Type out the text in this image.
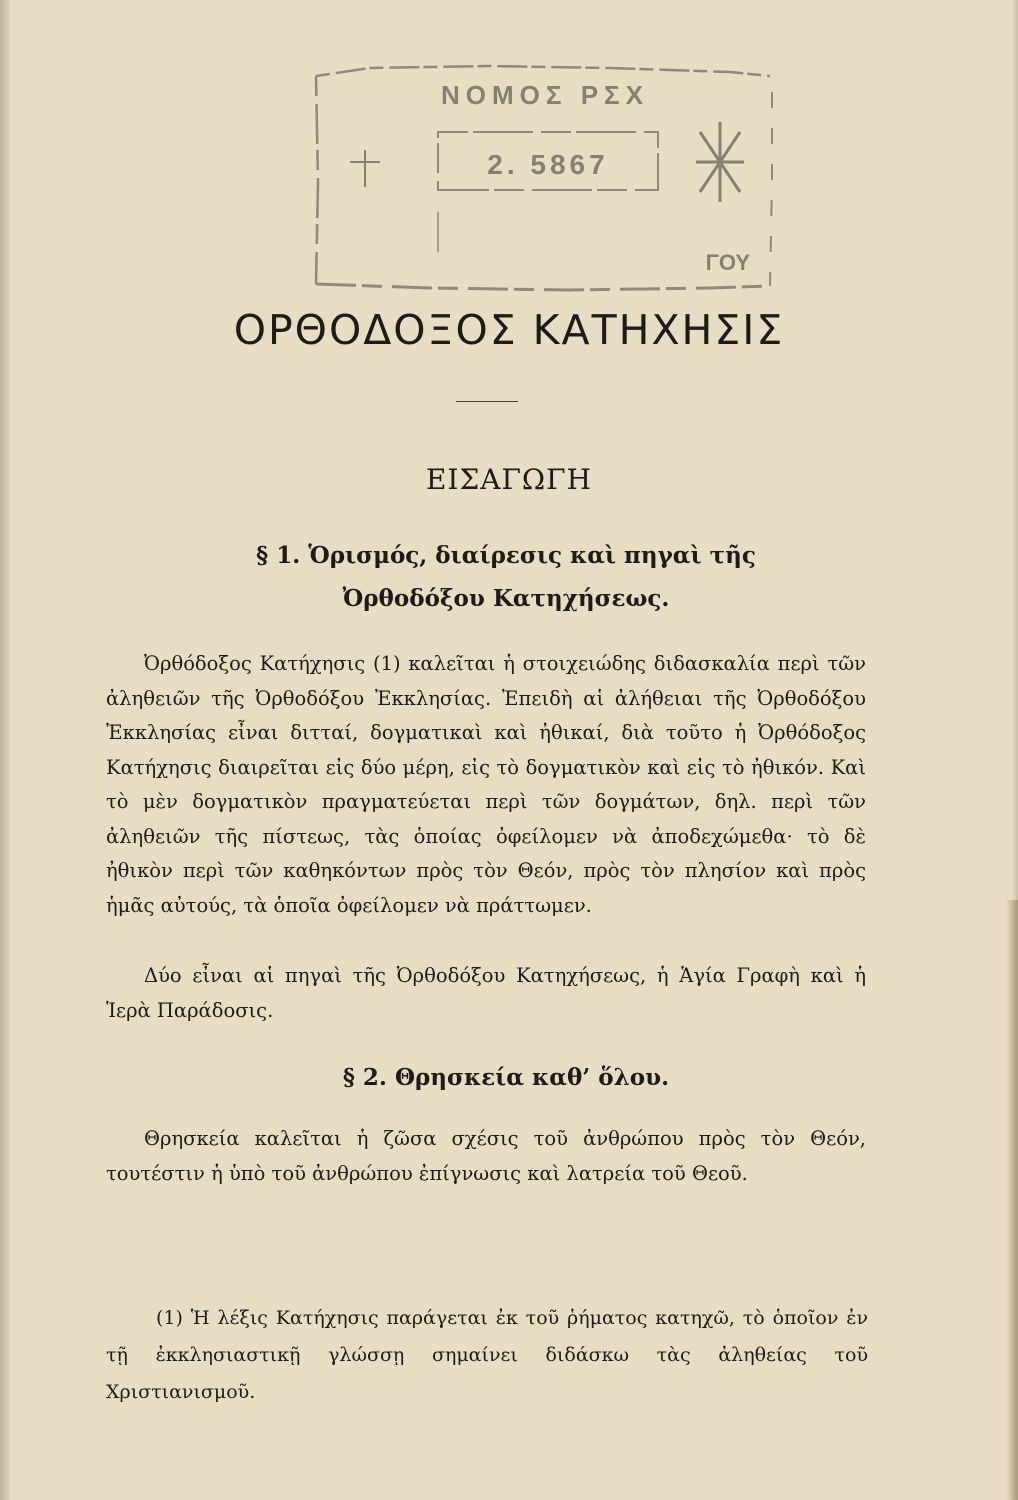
ΝΟΜΟΣ ΡΣΧ
2. 5867
ΓΟΥ
ΟΡΘΟΔΟΞΟΣ ΚΑΤΗΧΗΣΙΣ
ΕΙΣΑΓΩΓΗ
§ 1. Ὁρισμός, διαίρεσις καὶ πηγαὶ τῆς
Ὀρθοδόξου Κατηχήσεως.

Ὀρθόδοξος Κατήχησις (1) καλεῖται ἡ στοιχειώδης διδασκαλία περὶ τῶν ἀληθειῶν τῆς Ὀρθοδόξου Ἐκκλησίας. Ἐπειδὴ αἱ ἀλήθειαι τῆς Ὀρθοδόξου Ἐκκλησίας εἶναι διτταί, δογματικαὶ καὶ ἠθικαί, διὰ τοῦτο ἡ Ὀρθόδοξος Κατήχησις διαιρεῖται εἰς δύο μέρη, εἰς τὸ δογματικὸν καὶ εἰς τὸ ἠθικόν. Καὶ τὸ μὲν δογματικὸν πραγματεύεται περὶ τῶν δογμάτων, δηλ. περὶ τῶν ἀληθειῶν τῆς πίστεως, τὰς ὁποίας ὀφείλομεν νὰ ἀποδεχώμεθα· τὸ δὲ ἠθικὸν περὶ τῶν καθηκόντων πρὸς τὸν Θεόν, πρὸς τὸν πλησίον καὶ πρὸς ἡμᾶς αὐτούς, τὰ ὁποῖα ὀφείλομεν νὰ πράττωμεν.

Δύο εἶναι αἱ πηγαὶ τῆς Ὀρθοδόξου Κατηχήσεως, ἡ Ἁγία Γραφὴ καὶ ἡ Ἱερὰ Παράδοσις.

§ 2. Θρησκεία καθ’ ὅλου.

Θρησκεία καλεῖται ἡ ζῶσα σχέσις τοῦ ἀνθρώπου πρὸς τὸν Θεόν, τουτέστιν ἡ ὑπὸ τοῦ ἀνθρώπου ἐπίγνωσις καὶ λατρεία τοῦ Θεοῦ.

(1) Ἡ λέξις Κατήχησις παράγεται ἐκ τοῦ ῥήματος κατηχῶ, τὸ ὁποῖον ἐν τῇ ἐκκλησιαστικῇ γλώσσῃ σημαίνει διδάσκω τὰς ἀληθείας τοῦ Χριστιανισμοῦ.
